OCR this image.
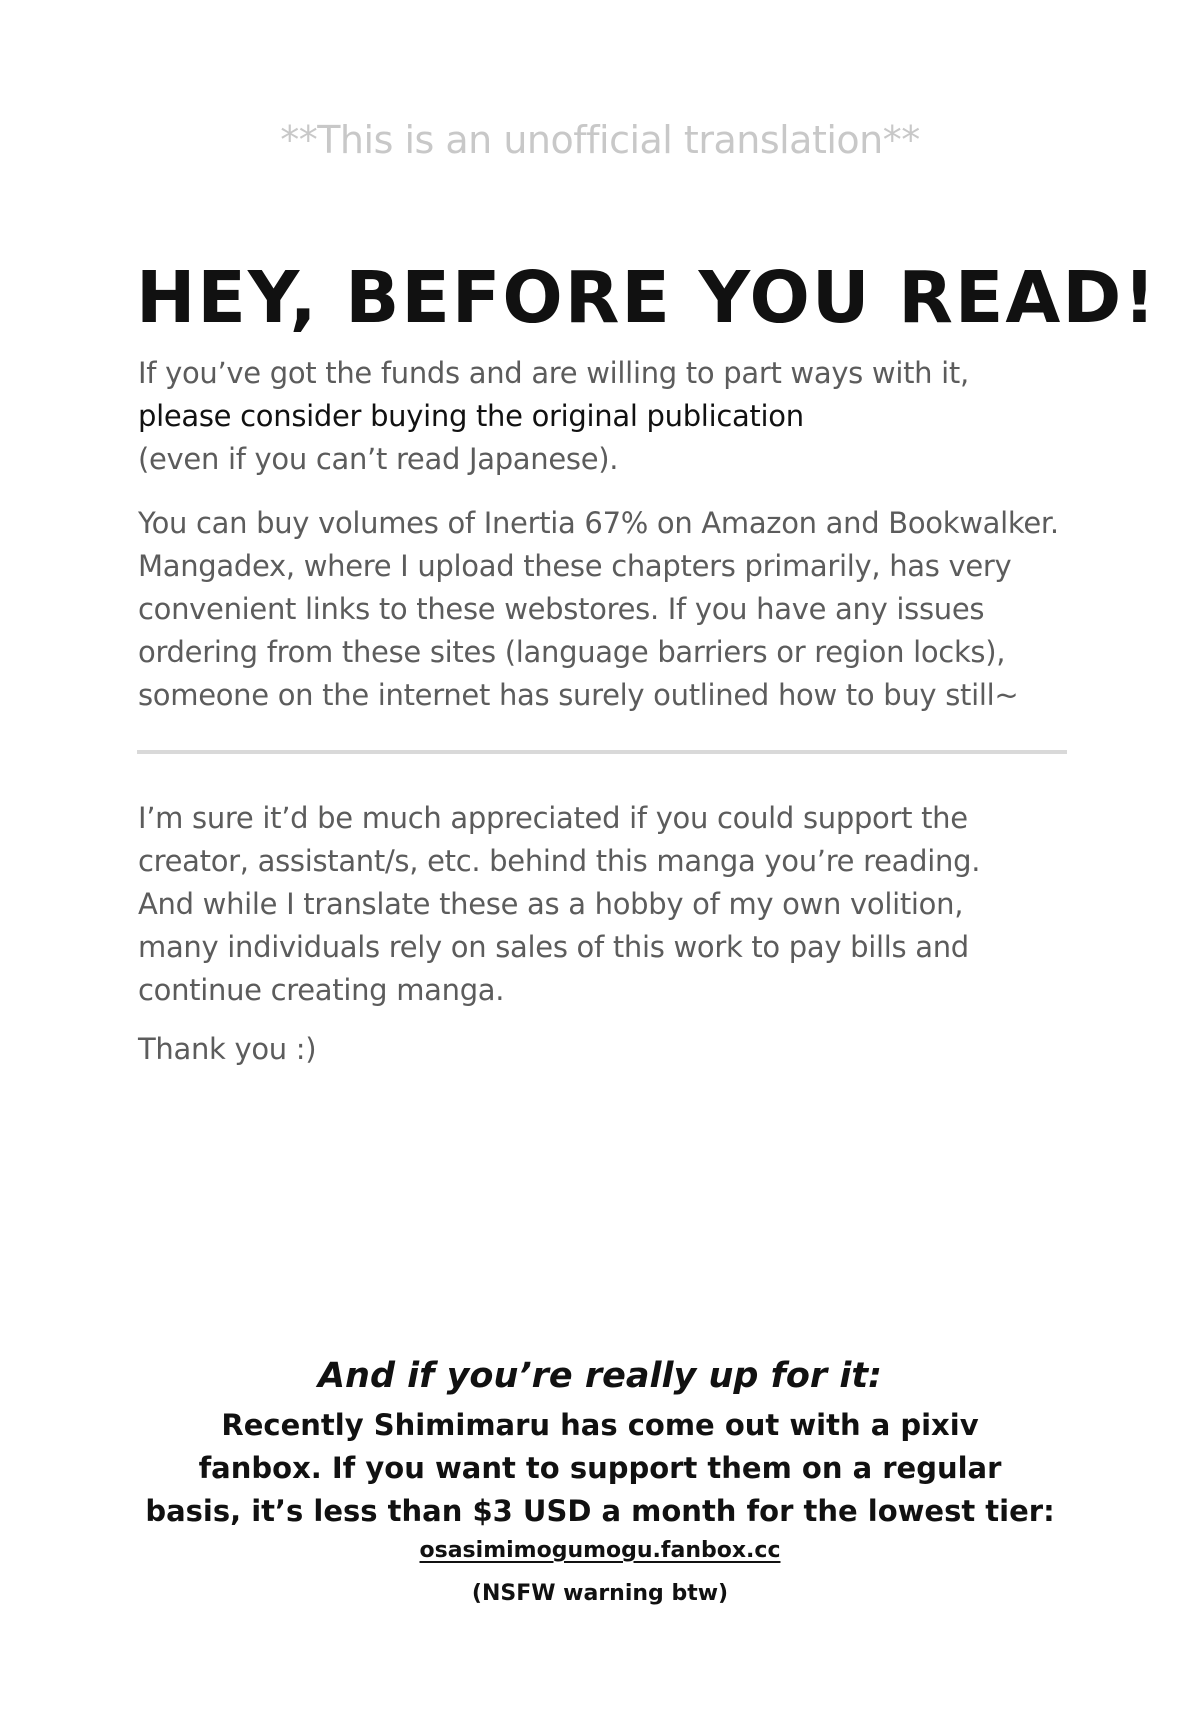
**This is an unofficial translation**
HEY, BEFORE YOU READ!
If you’ve got the funds and are willing to part ways with it,
please consider buying the original publication
(even if you can’t read Japanese).
You can buy volumes of Inertia 67% on Amazon and Bookwalker.
Mangadex, where I upload these chapters primarily, has very
convenient links to these webstores. If you have any issues
ordering from these sites (language barriers or region locks),
someone on the internet has surely outlined how to buy still~
I’m sure it’d be much appreciated if you could support the
creator, assistant/s, etc. behind this manga you’re reading.
And while I translate these as a hobby of my own volition,
many individuals rely on sales of this work to pay bills and
continue creating manga.
Thank you :)
And if you’re really up for it:
Recently Shimimaru has come out with a pixiv
fanbox. If you want to support them on a regular
basis, it’s less than $3 USD a month for the lowest tier:
osasimimogumogu.fanbox.cc
(NSFW warning btw)
